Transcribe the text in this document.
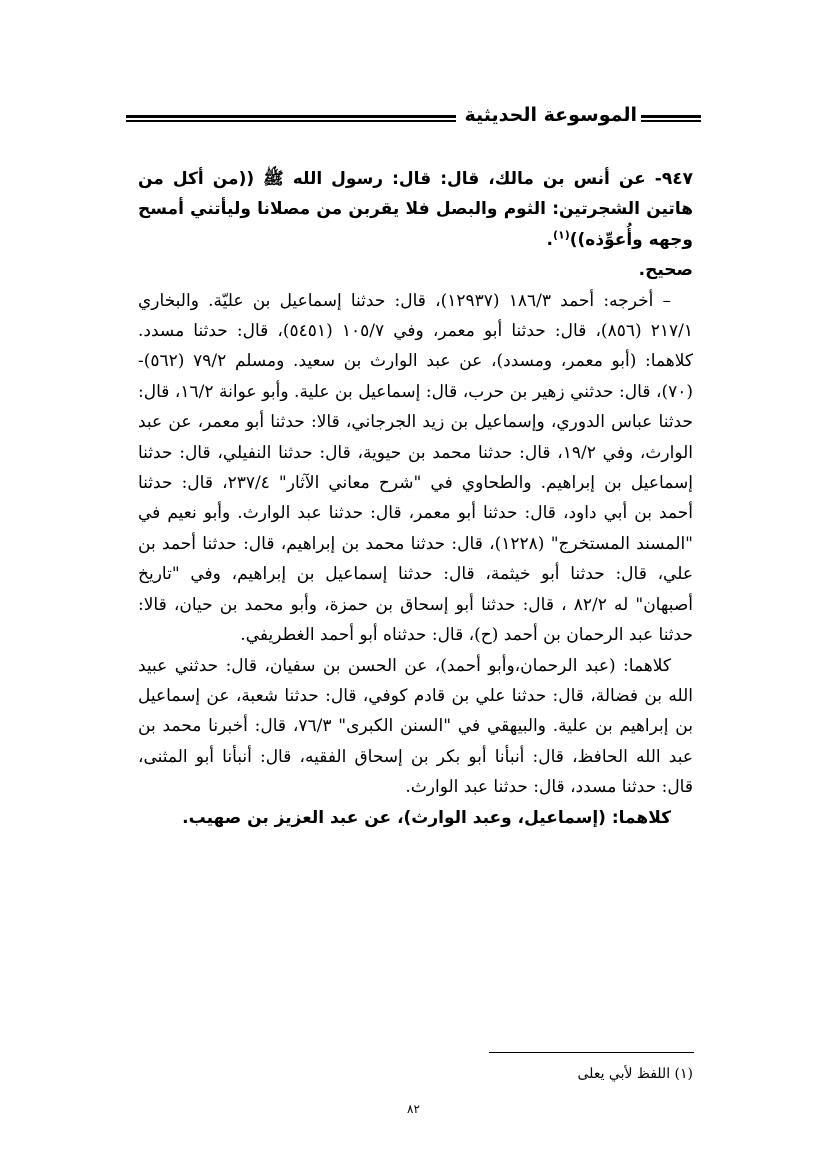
الموسوعة الحديثية

٩٤٧- عن أنس بن مالك، قال: قال: رسول الله ﷺ ((من أكل من هاتين الشجرتين: الثوم والبصل فلا يقربن من مصلانا وليأتني أمسح وجهه وأُعوِّذه))$^{(١)}$.

صحيح.

– أخرجه: أحمد ١٨٦/٣ (١٢٩٣٧)، قال: حدثنا إسماعيل بن عليّة. والبخاري ٢١٧/١ (٨٥٦)، قال: حدثنا أبو معمر، وفي ١٠٥/٧ (٥٤٥١)، قال: حدثنا مسدد. كلاهما: (أبو معمر، ومسدد)، عن عبد الوارث بن سعيد. ومسلم ٧٩/٢ (٥٦٢)-(٧٠)، قال: حدثني زهير بن حرب، قال: إسماعيل بن علية. وأبو عوانة ١٦/٢، قال: حدثنا عباس الدوري، وإسماعيل بن زيد الجرجاني، قالا: حدثنا أبو معمر، عن عبد الوارث، وفي ١٩/٢، قال: حدثنا محمد بن حيوية، قال: حدثنا النفيلي، قال: حدثنا إسماعيل بن إبراهيم. والطحاوي في "شرح معاني الآثار" ٢٣٧/٤، قال: حدثنا أحمد بن أبي داود، قال: حدثنا أبو معمر، قال: حدثنا عبد الوارث. وأبو نعيم في "المسند المستخرج" (١٢٢٨)، قال: حدثنا محمد بن إبراهيم، قال: حدثنا أحمد بن علي، قال: حدثنا أبو خيثمة، قال: حدثنا إسماعيل بن إبراهيم، وفي "تاريخ أصبهان" له ٨٢/٢ ، قال: حدثنا أبو إسحاق بن حمزة، وأبو محمد بن حيان، قالا: حدثنا عبد الرحمان بن أحمد (ح)، قال: حدثناه أبو أحمد الغطريفي.

كلاهما: (عبد الرحمان،وأبو أحمد)، عن الحسن بن سفيان، قال: حدثني عبيد الله بن فضالة، قال: حدثنا علي بن قادم كوفي، قال: حدثنا شعبة، عن إسماعيل بن إبراهيم بن علية. والبيهقي في "السنن الكبرى" ٧٦/٣، قال: أخبرنا محمد بن عبد الله الحافظ، قال: أنبأنا أبو بكر بن إسحاق الفقيه، قال: أنبأنا أبو المثنى، قال: حدثنا مسدد، قال: حدثنا عبد الوارث.

كلاهما: (إسماعيل، وعبد الوارث)، عن عبد العزيز بن صهيب.

(١) اللفظ لأبي يعلى
٨٢
